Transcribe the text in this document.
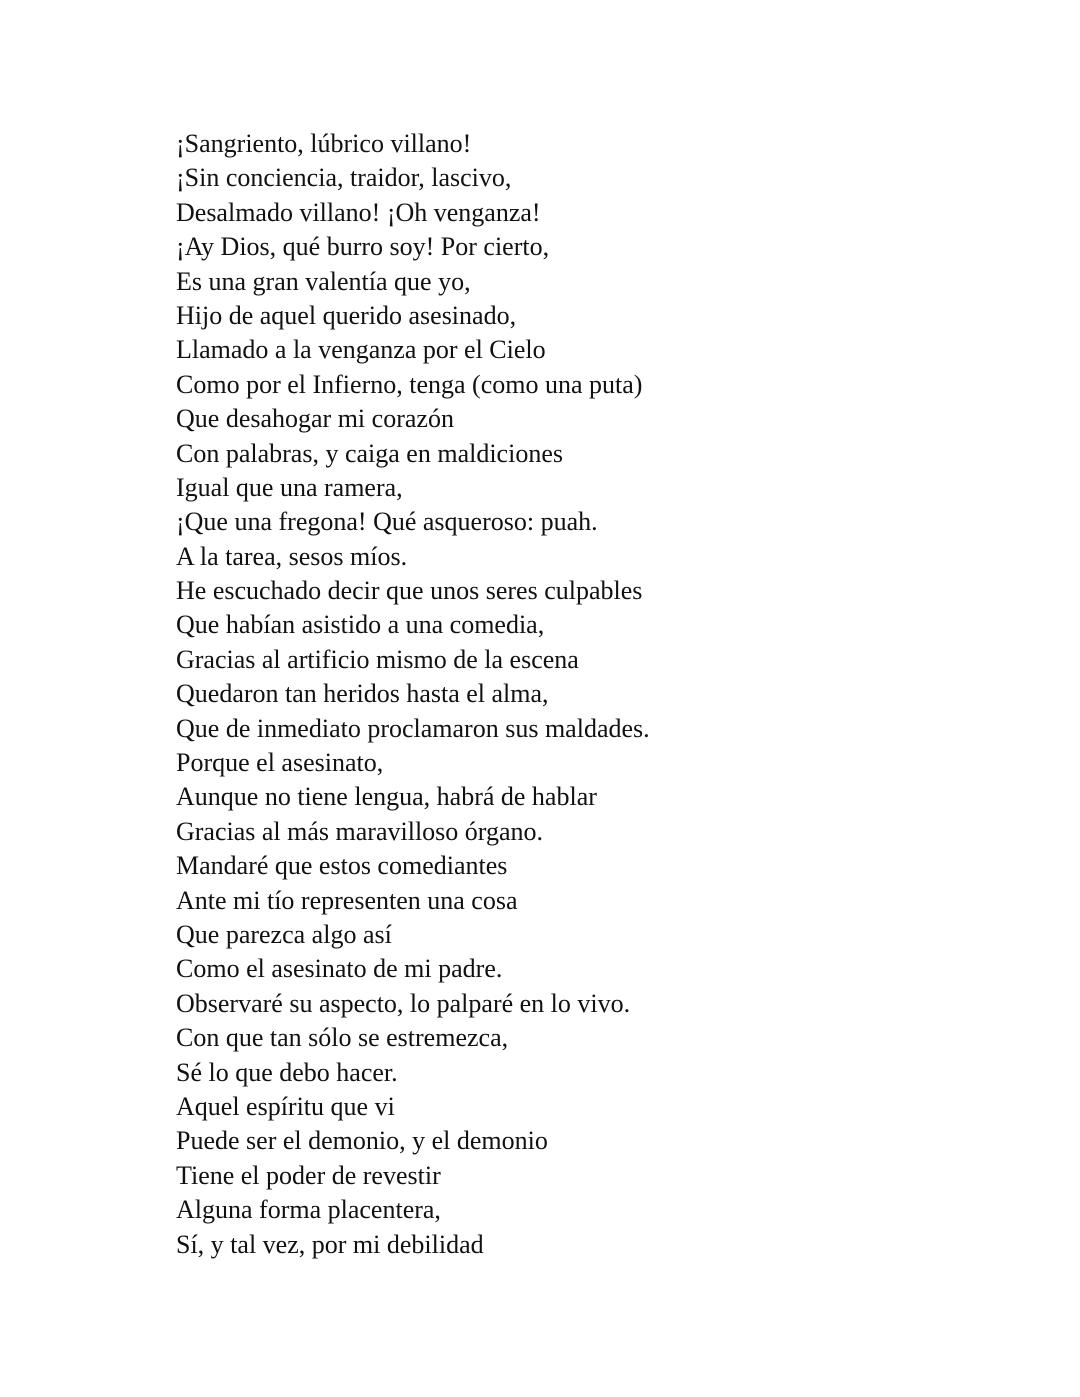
¡Sangriento, lúbrico villano!
¡Sin conciencia, traidor, lascivo,
Desalmado villano! ¡Oh venganza!
¡Ay Dios, qué burro soy! Por cierto,
Es una gran valentía que yo,
Hijo de aquel querido asesinado,
Llamado a la venganza por el Cielo
Como por el Infierno, tenga (como una puta)
Que desahogar mi corazón
Con palabras, y caiga en maldiciones
Igual que una ramera,
¡Que una fregona! Qué asqueroso: puah.
A la tarea, sesos míos.
He escuchado decir que unos seres culpables
Que habían asistido a una comedia,
Gracias al artificio mismo de la escena
Quedaron tan heridos hasta el alma,
Que de inmediato proclamaron sus maldades.
Porque el asesinato,
Aunque no tiene lengua, habrá de hablar
Gracias al más maravilloso órgano.
Mandaré que estos comediantes
Ante mi tío representen una cosa
Que parezca algo así
Como el asesinato de mi padre.
Observaré su aspecto, lo palparé en lo vivo.
Con que tan sólo se estremezca,
Sé lo que debo hacer.
Aquel espíritu que vi
Puede ser el demonio, y el demonio
Tiene el poder de revestir
Alguna forma placentera,
Sí, y tal vez, por mi debilidad
